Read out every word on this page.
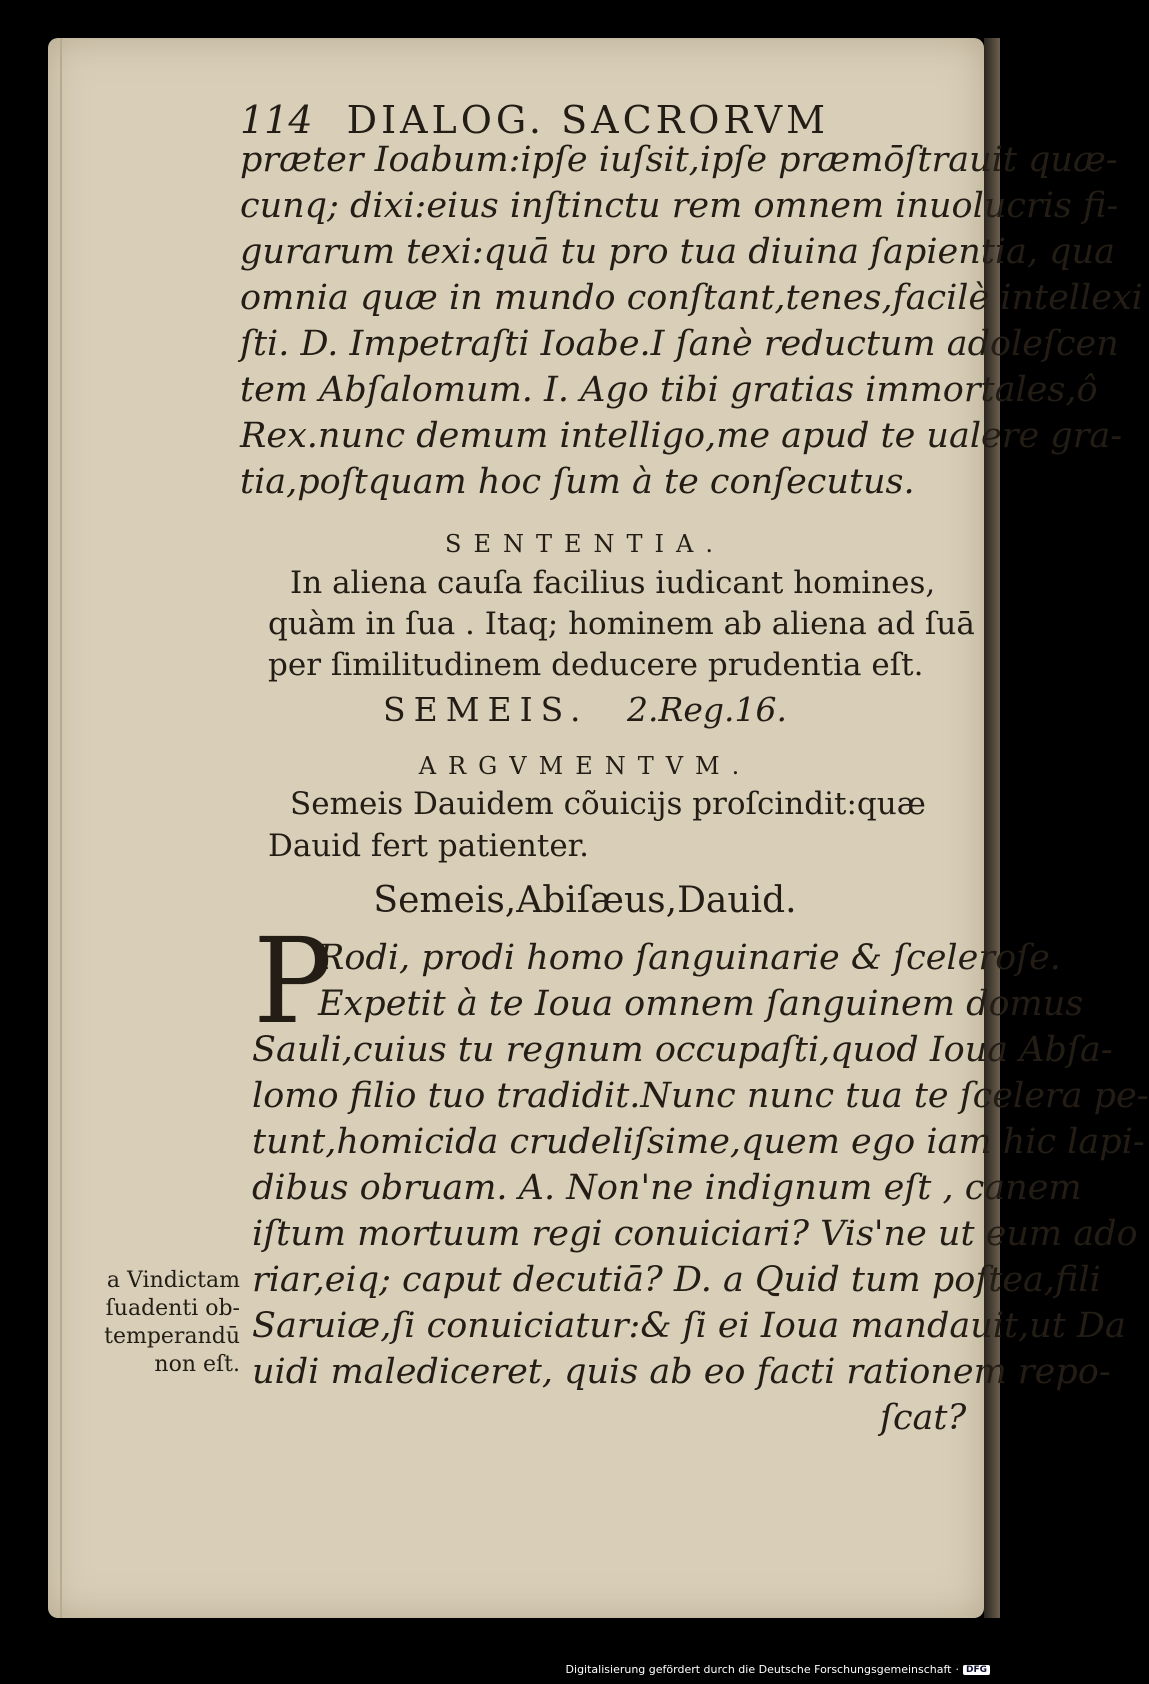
114 DIALOG. SACRORVM
prӕter Ioabum:ipſe iuſsit,ipſe prӕmōſtrauit quӕ-
cunq; dixi:eius inſtinctu rem omnem inuolucris fi-
gurarum texi:quā tu pro tua diuina ſapientia, qua
omnia quӕ in mundo conſtant,tenes,facilè intellexi
ſti. D. Impetraſti Ioabe.I ſanè reductum adoleſcen
tem Abſalomum. I. Ago tibi gratias immortales,ô
Rex.nunc demum intelligo,me apud te ualere gra-
tia,poſtquam hoc ſum à te conſecutus.
SENTENTIA.
In aliena cauſa facilius iudicant homines,
quàm in ſua . Itaq; hominem ab aliena ad ſuā
per ſimilitudinem deducere prudentia eſt.
SEMEIS. 2.Reg.16.
ARGVMENTVM.
Semeis Dauidem cõuicijs proſcindit:quӕ
Dauid fert patienter.
Semeis,Abiſӕus,Dauid.
P
Rodi, prodi homo ſanguinarie & ſceleroſe.
Expetit à te Ioua omnem ſanguinem domus
Sauli,cuius tu regnum occupaſti,quod Ioua Abſa-
lomo filio tuo tradidit.Nunc nunc tua te ſcelera pe-
tunt,homicida crudeliſsime,quem ego iam hic lapi-
dibus obruam. A. Non'ne indignum eſt , canem
iſtum mortuum regi conuiciari? Vis'ne ut eum ado
riar,eiq; caput decutiā? D. a Quid tum poſtea,fili
Saruiӕ,ſi conuiciatur:& ſi ei Ioua mandauit,ut Da
uidi malediceret, quis ab eo facti rationem repo-
ſcat?
a Vindictam
ſuadenti ob-
temperandū
non eſt.
Digitalisierung gefördert durch die Deutsche Forschungsgemeinschaft · DFG
